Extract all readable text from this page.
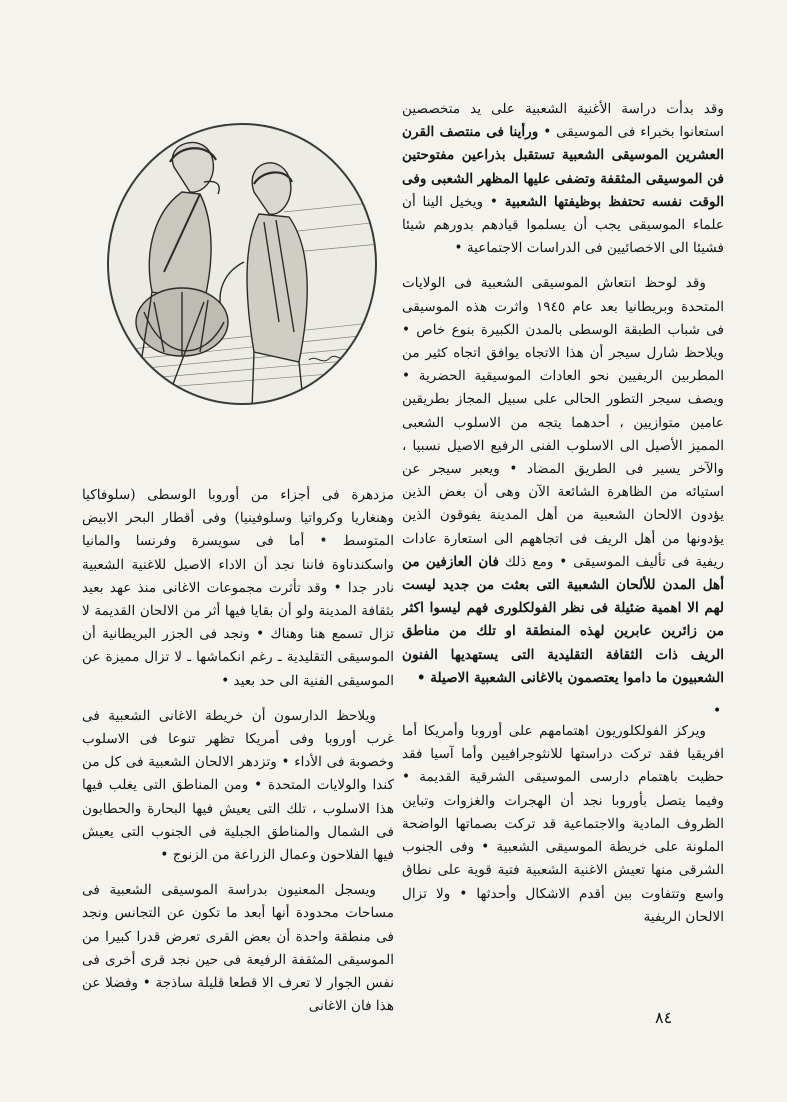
وقد بدأت دراسة الأغنية الشعبية على يد متخصصين استعانوا بخبراء فى الموسيقى • ورأينا فى منتصف القرن العشرين الموسيقى الشعبية تستقبل بذراعين مفتوحتين فن الموسيقى المثقفة وتضفى عليها المظهر الشعبى وفى الوقت نفسه تحتفظ بوظيفتها الشعبية • ويخيل الينا أن علماء الموسيقى يجب أن يسلموا قيادهم بدورهم شيئا فشيئا الى الاخصائيين فى الدراسات الاجتماعية •

وقد لوحظ انتعاش الموسيقى الشعبية فى الولايات المتحدة وبريطانيا بعد عام ١٩٤٥ واثرت هذه الموسيقى فى شباب الطبقة الوسطى بالمدن الكبيرة بنوع خاص • ويلاحظ شارل سيجر أن هذا الاتجاه يوافق اتجاه كثير من المطربين الريفيين نحو العادات الموسيقية الحضرية • ويصف سيجر التطور الحالى على سبيل المجاز بطريقين عامين متوازيين ، أحدهما يتجه من الاسلوب الشعبى المميز الأصيل الى الاسلوب الفنى الرفيع الاصيل نسبيا ، والآخر يسير فى الطريق المضاد • ويعبر سيجر عن استيائه من الظاهرة الشائعة الآن وهى أن بعض الذين يؤدون الالحان الشعبية من أهل المدينة يفوقون الذين يؤدونها من أهل الريف فى اتجاههم الى استعارة عادات ريفية فى تأليف الموسيقى • ومع ذلك فان العازفين من أهل المدن للألحان الشعبية التى بعثت من جديد ليست لهم الا اهمية ضئيلة فى نظر الفولكلورى فهم ليسوا اكثر من زائرين عابرين لهذه المنطقة او تلك من مناطق الريف ذات الثقافة التقليدية التى يستهديها الفنون الشعبيون ما داموا يعتصمون بالاغانى الشعبية الاصيلة •

ويركز الفولكلوريون اهتمامهم على أوروبا وأمريكا أما افريقيا فقد تركت دراستها للانثوجرافيين وأما آسيا فقد حظيت باهتمام دارسى الموسيقى الشرقية القديمة • وفيما يتصل بأوروبا نجد أن الهجرات والغزوات وتباين الظروف المادية والاجتماعية قد تركت بصماتها الواضحة الملونة على خريطة الموسيقى الشعبية • وفى الجنوب الشرقى منها تعيش الاغنية الشعبية فتية قوية على نطاق واسع وتتفاوت بين أقدم الاشكال وأحدثها • ولا تزال الالحان الريفية

مزدهرة فى أجزاء من أوروبا الوسطى (سلوفاكيا وهنغاريا وكرواتيا وسلوفينيا) وفى أقطار البحر الابيض المتوسط • أما فى سويسرة وفرنسا والمانيا واسكندناوة فاننا نجد أن الاداء الاصيل للاغنية الشعبية نادر جدا • وقد تأثرت مجموعات الاغانى منذ عهد بعيد بثقافة المدينة ولو أن بقايا فيها أثر من الالحان القديمة لا تزال تسمع هنا وهناك • ونجد فى الجزر البريطانية أن الموسيقى التقليدية ـ رغم انكماشها ـ لا تزال مميزة عن الموسيقى الفنية الى حد بعيد •

ويلاحظ الدارسون أن خريطة الاغانى الشعبية فى غرب أوروبا وفى أمريكا تظهر تنوعا فى الاسلوب وخصوبة فى الأداء • وتزدهر الالحان الشعبية فى كل من كندا والولايات المتحدة • ومن المناطق التى يغلب فيها هذا الاسلوب ، تلك التى يعيش فيها البحارة والحطابون فى الشمال والمناطق الجبلية فى الجنوب التى يعيش فيها الفلاحون وعمال الزراعة من الزنوج •

ويسجل المعنيون بدراسة الموسيقى الشعبية فى مساحات محدودة أنها أبعد ما تكون عن التجانس ونجد فى منطقة واحدة أن بعض القرى تعرض قدرا كبيرا من الموسيقى المثقفة الرفيعة فى حين نجد قرى أخرى فى نفس الجوار لا تعرف الا قطعا قليلة ساذجة • وفضلا عن هذا فان الاغانى

•
٨٤
